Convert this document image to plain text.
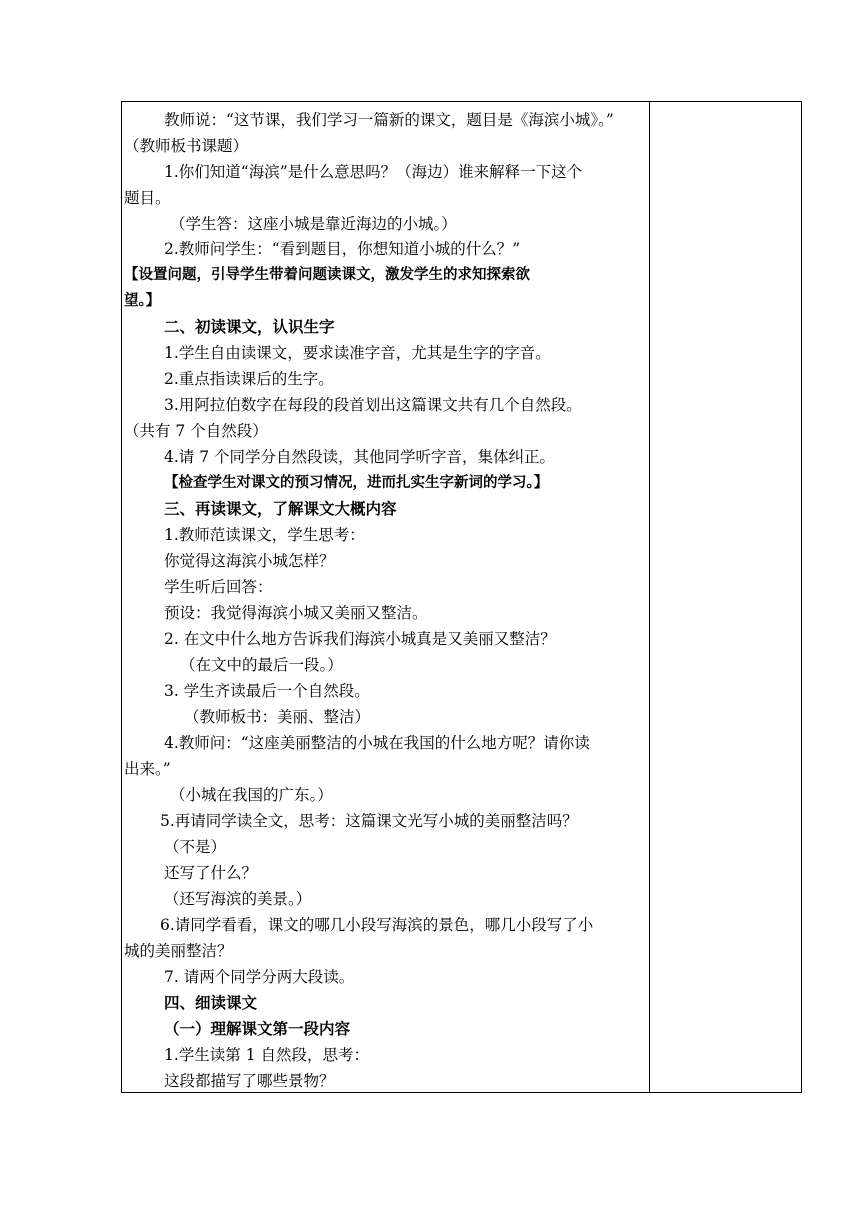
教师说：“这节课，我们学习一篇新的课文，题目是《海滨小城》。”
（教师板书课题）
1.你们知道“海滨”是什么意思吗？（海边）谁来解释一下这个
题目。
（学生答：这座小城是靠近海边的小城。）
2.教师问学生：“看到题目，你想知道小城的什么？”
【设置问题，引导学生带着问题读课文，激发学生的求知探索欲
望。】
二、初读课文，认识生字
1.学生自由读课文，要求读准字音，尤其是生字的字音。
2.重点指读课后的生字。
3.用阿拉伯数字在每段的段首划出这篇课文共有几个自然段。
（共有 7 个自然段）
4.请 7 个同学分自然段读，其他同学听字音，集体纠正。
【检查学生对课文的预习情况，进而扎实生字新词的学习。】
三、再读课文，了解课文大概内容
1.教师范读课文，学生思考：
你觉得这海滨小城怎样？
学生听后回答：
预设：我觉得海滨小城又美丽又整洁。
2. 在文中什么地方告诉我们海滨小城真是又美丽又整洁？
（在文中的最后一段。）
3. 学生齐读最后一个自然段。
（教师板书：美丽、整洁）
4.教师问：“这座美丽整洁的小城在我国的什么地方呢？请你读
出来。”
（小城在我国的广东。）
5.再请同学读全文，思考：这篇课文光写小城的美丽整洁吗？
（不是）
还写了什么？
（还写海滨的美景。）
6.请同学看看，课文的哪几小段写海滨的景色，哪几小段写了小
城的美丽整洁？
7. 请两个同学分两大段读。
四、细读课文
（一）理解课文第一段内容
1.学生读第 1 自然段，思考：
这段都描写了哪些景物？
